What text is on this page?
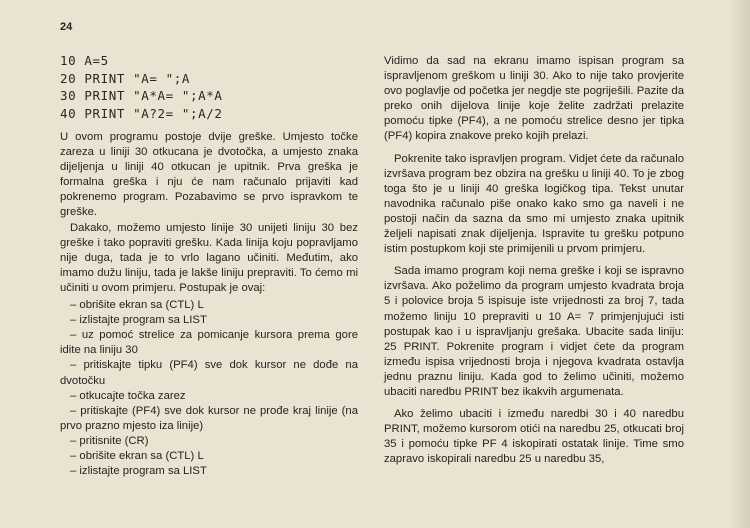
24
10 A=5
20 PRINT "A= ";A
30 PRINT "A*A= ";A*A
40 PRINT "A?2= ";A/2

U ovom programu postoje dvije greške. Umjesto točke zareza u liniji 30 otkucana je dvotočka, a umjesto znaka dijeljenja u liniji 40 otkucan je upitnik. Prva greška je formalna greška i nju će nam računalo prijaviti kad pokrenemo program. Pozabavimo se prvo ispravkom te greške.

Dakako, možemo umjesto linije 30 unijeti liniju 30 bez greške i tako popraviti grešku. Kada linija koju popravljamo nije duga, tada je to vrlo lagano učiniti. Međutim, ako imamo dužu liniju, tada je lakše liniju prepraviti. To ćemo mi učiniti u ovom primjeru. Postupak je ovaj:

– obrišite ekran sa (CTL) L
– izlistajte program sa LIST
– uz pomoć strelice za pomicanje kursora prema gore idite na liniju 30
– pritiskajte tipku (PF4) sve dok kursor ne dođe na dvotočku
– otkucajte točka zarez
– pritiskajte (PF4) sve dok kursor ne prođe kraj linije (na prvo prazno mjesto iza linije)
– pritisnite (CR)
– obrišite ekran sa (CTL) L
– izlistajte program sa LIST

Vidimo da sad na ekranu imamo ispisan program sa ispravljenom greškom u liniji 30. Ako to nije tako provjerite ovo poglavlje od početka jer negdje ste pogriješili. Pazite da preko onih dijelova linije koje želite zadržati prelazite pomoću tipke (PF4), a ne pomoću strelice desno jer tipka (PF4) kopira znakove preko kojih prelazi.

Pokrenite tako ispravljen program. Vidjet ćete da računalo izvršava program bez obzira na grešku u liniji 40. To je zbog toga što je u liniji 40 greška logičkog tipa. Tekst unutar navodnika računalo piše onako kako smo ga naveli i ne postoji način da sazna da smo mi umjesto znaka upitnik željeli napisati znak dijeljenja. Ispravite tu grešku potpuno istim postupkom koji ste primijenili u prvom primjeru.

Sada imamo program koji nema greške i koji se ispravno izvršava. Ako poželimo da program umjesto kvadrata broja 5 i polovice broja 5 ispisuje iste vrijednosti za broj 7, tada možemo liniju 10 prepraviti u 10 A= 7 primjenjujući isti postupak kao i u ispravljanju grešaka. Ubacite sada liniju: 25 PRINT. Pokrenite program i vidjet ćete da program između ispisa vrijednosti broja i njegova kvadrata ostavlja jednu praznu liniju. Kada god to želimo učiniti, možemo ubaciti naredbu PRINT bez ikakvih argumenata.

Ako želimo ubaciti i između naredbi 30 i 40 naredbu PRINT, možemo kursorom otići na naredbu 25, otkucati broj 35 i pomoću tipke PF 4 iskopirati ostatak linije. Time smo zapravo iskopirali naredbu 25 u naredbu 35,
